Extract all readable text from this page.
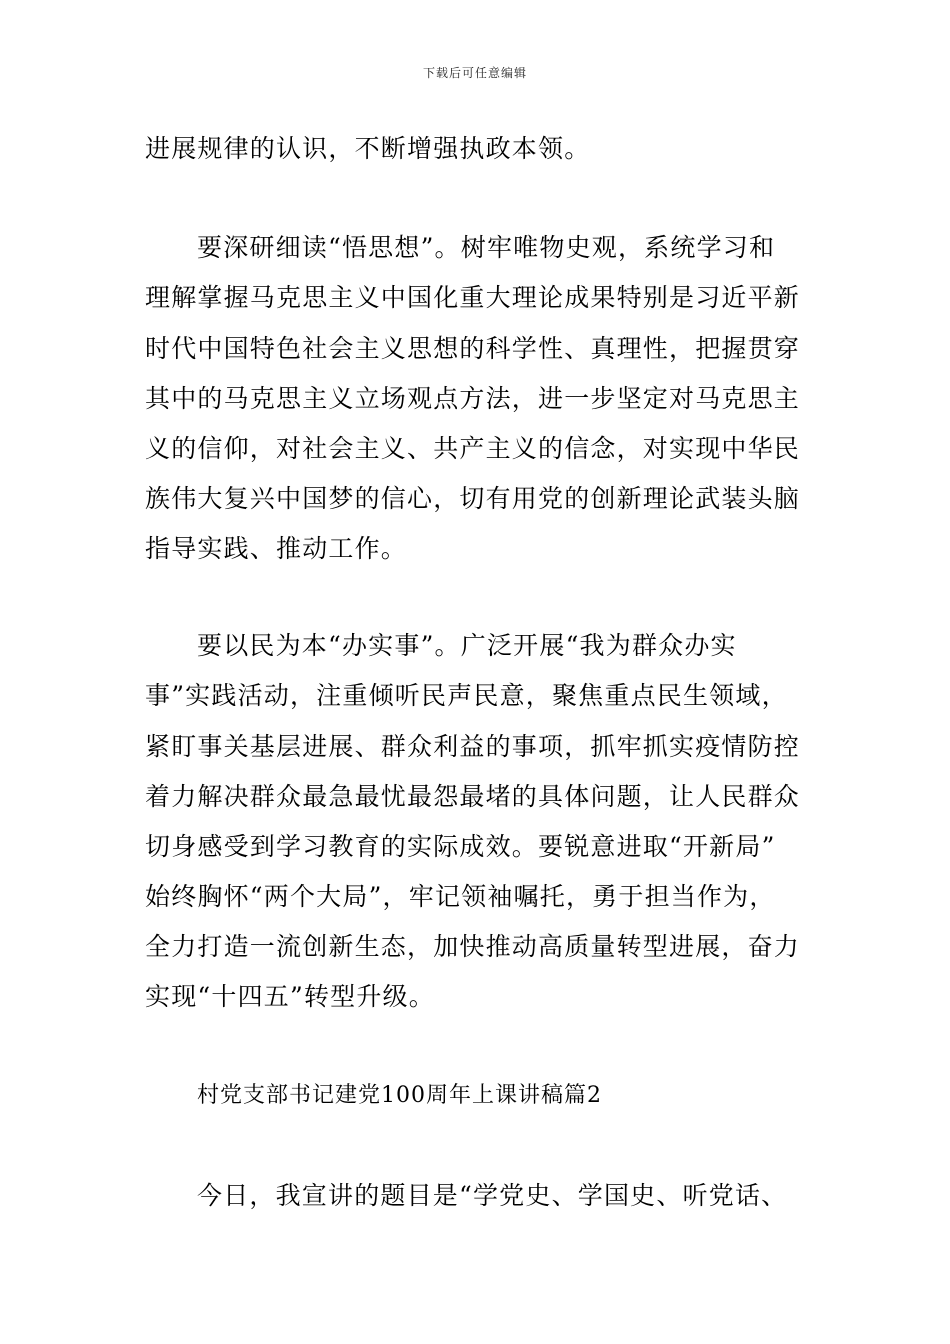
下载后可任意编辑
进展规律的认识，不断增强执政本领。
要深研细读“悟思想”。树牢唯物史观，系统学习和
理解掌握马克思主义中国化重大理论成果特别是习近平新
时代中国特色社会主义思想的科学性、真理性，把握贯穿
其中的马克思主义立场观点方法，进一步坚定对马克思主
义的信仰，对社会主义、共产主义的信念，对实现中华民
族伟大复兴中国梦的信心，切有用党的创新理论武装头脑
指导实践、推动工作。
要以民为本“办实事”。广泛开展“我为群众办实
事”实践活动，注重倾听民声民意，聚焦重点民生领域，
紧盯事关基层进展、群众利益的事项，抓牢抓实疫情防控
着力解决群众最急最忧最怨最堵的具体问题，让人民群众
切身感受到学习教育的实际成效。要锐意进取“开新局”
始终胸怀“两个大局”，牢记领袖嘱托，勇于担当作为，
全力打造一流创新生态，加快推动高质量转型进展，奋力
实现“十四五”转型升级。
村党支部书记建党100周年上课讲稿篇2
今日，我宣讲的题目是“学党史、学国史、听党话、
